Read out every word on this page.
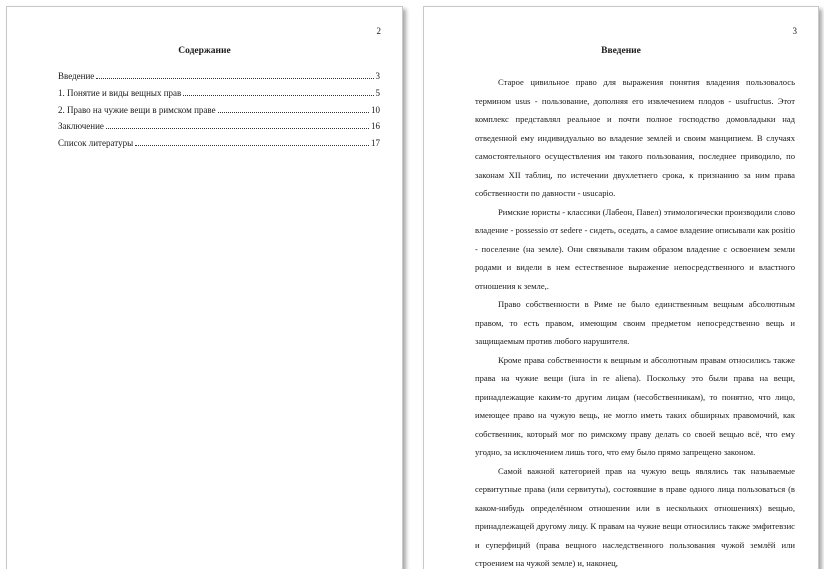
2
Содержание
Введение	3
1. Понятие и виды вещных прав	5
2. Право на чужие вещи в римском праве	10
Заключение	16
Список литературы	17
3
Введение

Старое цивильное право для выражения понятия владения пользовалось термином usus - пользование, дополняя его извлечением плодов - usufructus. Этот комплекс представлял реальное и почти полное господство домовладыки над отведенной ему индивидуально во владение землей и своим манципием. В случаях самостоятельного осуществления им такого пользования, последнее приводило, по законам XII таблиц, по истечении двухлетнего срока, к признанию за ним права собственности по давности - usucapio.

Римские юристы - классики (Лабеон, Павел) этимологически производили слово владение - possessio от sedere - сидеть, оседать, а самое владение описывали как positio - поселение (на земле). Они связывали таким образом владение с освоением земли родами и видели в нем естественное выражение непосредственного и властного отношения к земле,.

Право собственности в Риме не было единственным вещным абсолютным правом, то есть правом, имеющим своим предметом непосредственно вещь и защищаемым против любого нарушителя.

Кроме права собственности к вещным и абсолютным правам относились также права на чужие вещи (iura in re aliena). Поскольку это были права на вещи, принадлежащие каким-то другим лицам (несобственникам), то понятно, что лицо, имеющее право на чужую вещь, не могло иметь таких обширных правомочий, как собственник, который мог по римскому праву делать со своей вещью всё, что ему угодно, за исключением лишь того, что ему было прямо запрещено законом.

Самой важной категорией прав на чужую вещь являлись так называемые сервитутные права (или сервитуты), состоявшие в праве одного лица пользоваться (в каком-нибудь определённом отношении или в нескольких отношениях) вещью, принадлежащей другому лицу. К правам на чужие вещи относились также эмфитевзис и суперфиций (права вещного наследственного пользования чужой землёй или строением на чужой земле) и, наконец,
